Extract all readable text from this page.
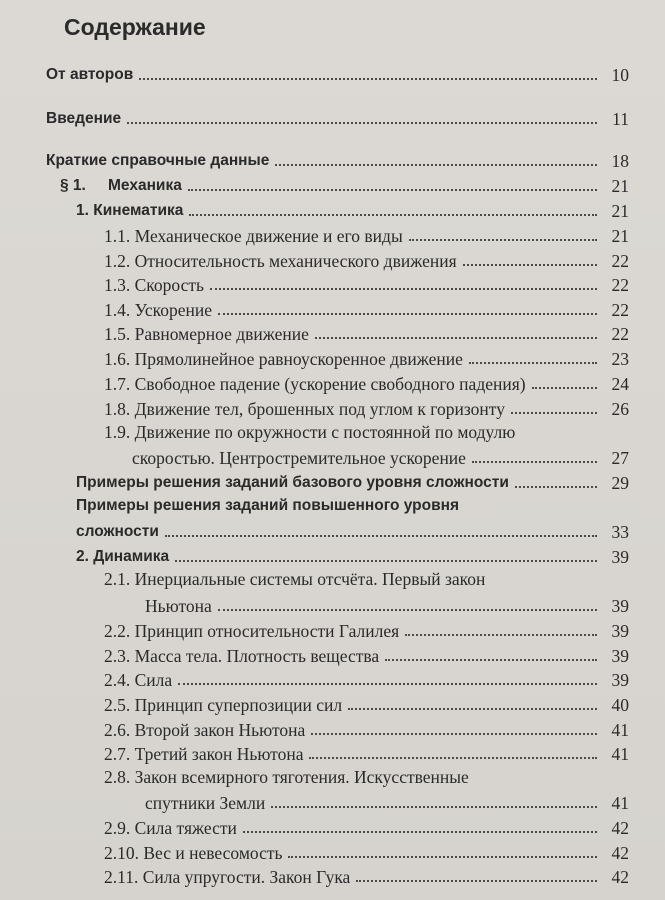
Содержание
От авторов	10
Введение	11
Краткие справочные данные	18
§ 1. Механика	21
1. Кинематика	21
1.1. Механическое движение и его виды	21
1.2. Относительность механического движения	22
1.3. Скорость	22
1.4. Ускорение	22
1.5. Равномерное движение	22
1.6. Прямолинейное равноускоренное движение	23
1.7. Свободное падение (ускорение свободного падения)	24
1.8. Движение тел, брошенных под углом к горизонту	26
1.9. Движение по окружности с постоянной по модулю
скоростью. Центростремительное ускорение	27
Примеры решения заданий базового уровня сложности	29
Примеры решения заданий повышенного уровня
сложности	33
2. Динамика	39
2.1. Инерциальные системы отсчёта. Первый закон
Ньютона	39
2.2. Принцип относительности Галилея	39
2.3. Масса тела. Плотность вещества	39
2.4. Сила	39
2.5. Принцип суперпозиции сил	40
2.6. Второй закон Ньютона	41
2.7. Третий закон Ньютона	41
2.8. Закон всемирного тяготения. Искусственные
спутники Земли	41
2.9. Сила тяжести	42
2.10. Вес и невесомость	42
2.11. Сила упругости. Закон Гука	42
